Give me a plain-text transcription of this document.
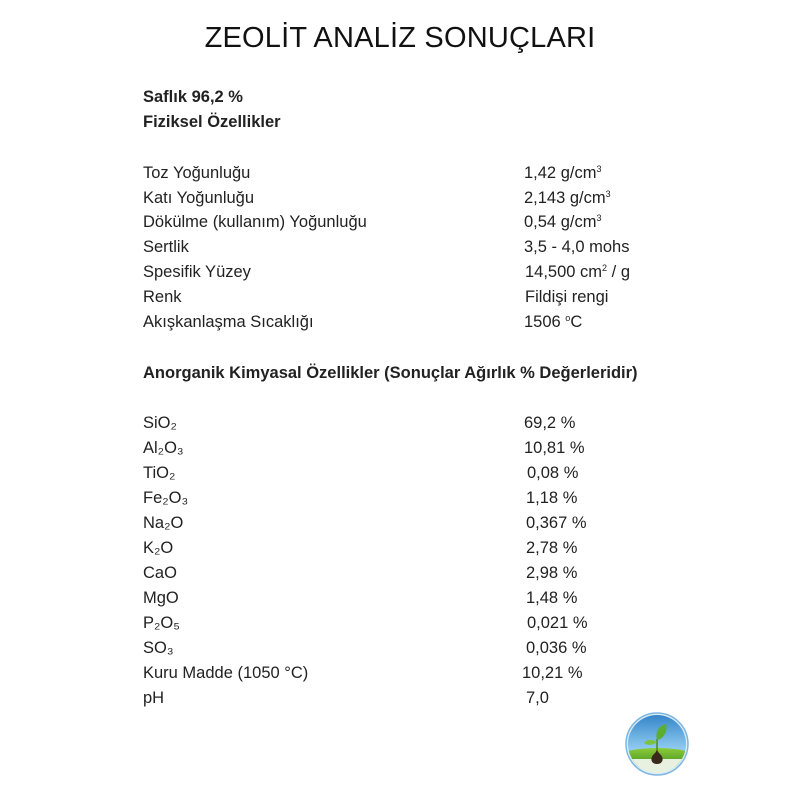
ZEOLİT ANALİZ SONUÇLARI
Saflık 96,2 %
Fiziksel Özellikler
Toz Yoğunluğu	1,42 $g/cm^3$
Katı Yoğunluğu	2,143 $g/cm^3$
Dökülme (kullanım) Yoğunluğu	0,54 $g/cm^3$
Sertlik	3,5 - 4,0 mohs
Spesifik Yüzey	14,500 $cm^2$ / g
Renk	Fildişi rengi
Akışkanlaşma Sıcaklığı	1506 $^o$C
Anorganik Kimyasal Özellikler (Sonuçlar Ağırlık % Değerleridir)
SiO₂	69,2 %
Al₂O₃	10,81 %
TiO₂	0,08 %
Fe₂O₃	1,18 %
Na₂O	0,367 %
K₂O	2,78 %
CaO	2,98 %
MgO	1,48 %
P₂O₅	0,021 %
SO₃	0,036 %
Kuru Madde (1050 °C)	10,21 %
pH	7,0
